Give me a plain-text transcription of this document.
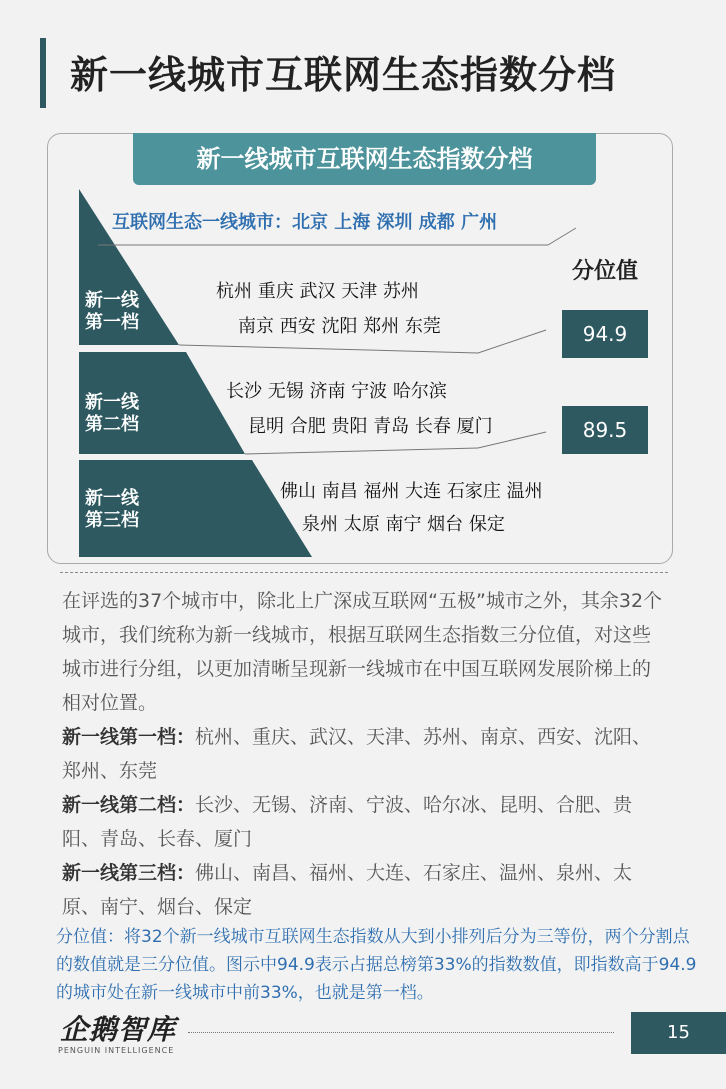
新一线城市互联网生态指数分档
新一线城市互联网生态指数分档
互联网生态一线城市：北京 上海 深圳 成都 广州
新一线
第一档
杭州 重庆 武汉 天津 苏州
南京 西安 沈阳 郑州 东莞
新一线
第二档
长沙 无锡 济南 宁波 哈尔滨
昆明 合肥 贵阳 青岛 长春 厦门
新一线
第三档
佛山 南昌 福州 大连 石家庄 温州
泉州 太原 南宁 烟台 保定
分位值
94.9
89.5

在评选的37个城市中，除北上广深成互联网“五极”城市之外，其余32个城市，我们统称为新一线城市，根据互联网生态指数三分位值，对这些城市进行分组，以更加清晰呈现新一线城市在中国互联网发展阶梯上的相对位置。

新一线第一档：杭州、重庆、武汉、天津、苏州、南京、西安、沈阳、郑州、东莞

新一线第二档：长沙、无锡、济南、宁波、哈尔冰、昆明、合肥、贵阳、青岛、长春、厦门

新一线第三档：佛山、南昌、福州、大连、石家庄、温州、泉州、太原、南宁、烟台、保定

分位值：将32个新一线城市互联网生态指数从大到小排列后分为三等份，两个分割点的数值就是三分位值。图示中94.9表示占据总榜第33%的指数数值，即指数高于94.9的城市处在新一线城市中前33%，也就是第一档。
企鹅智库
PENGUIN INTELLIGENCE
15
